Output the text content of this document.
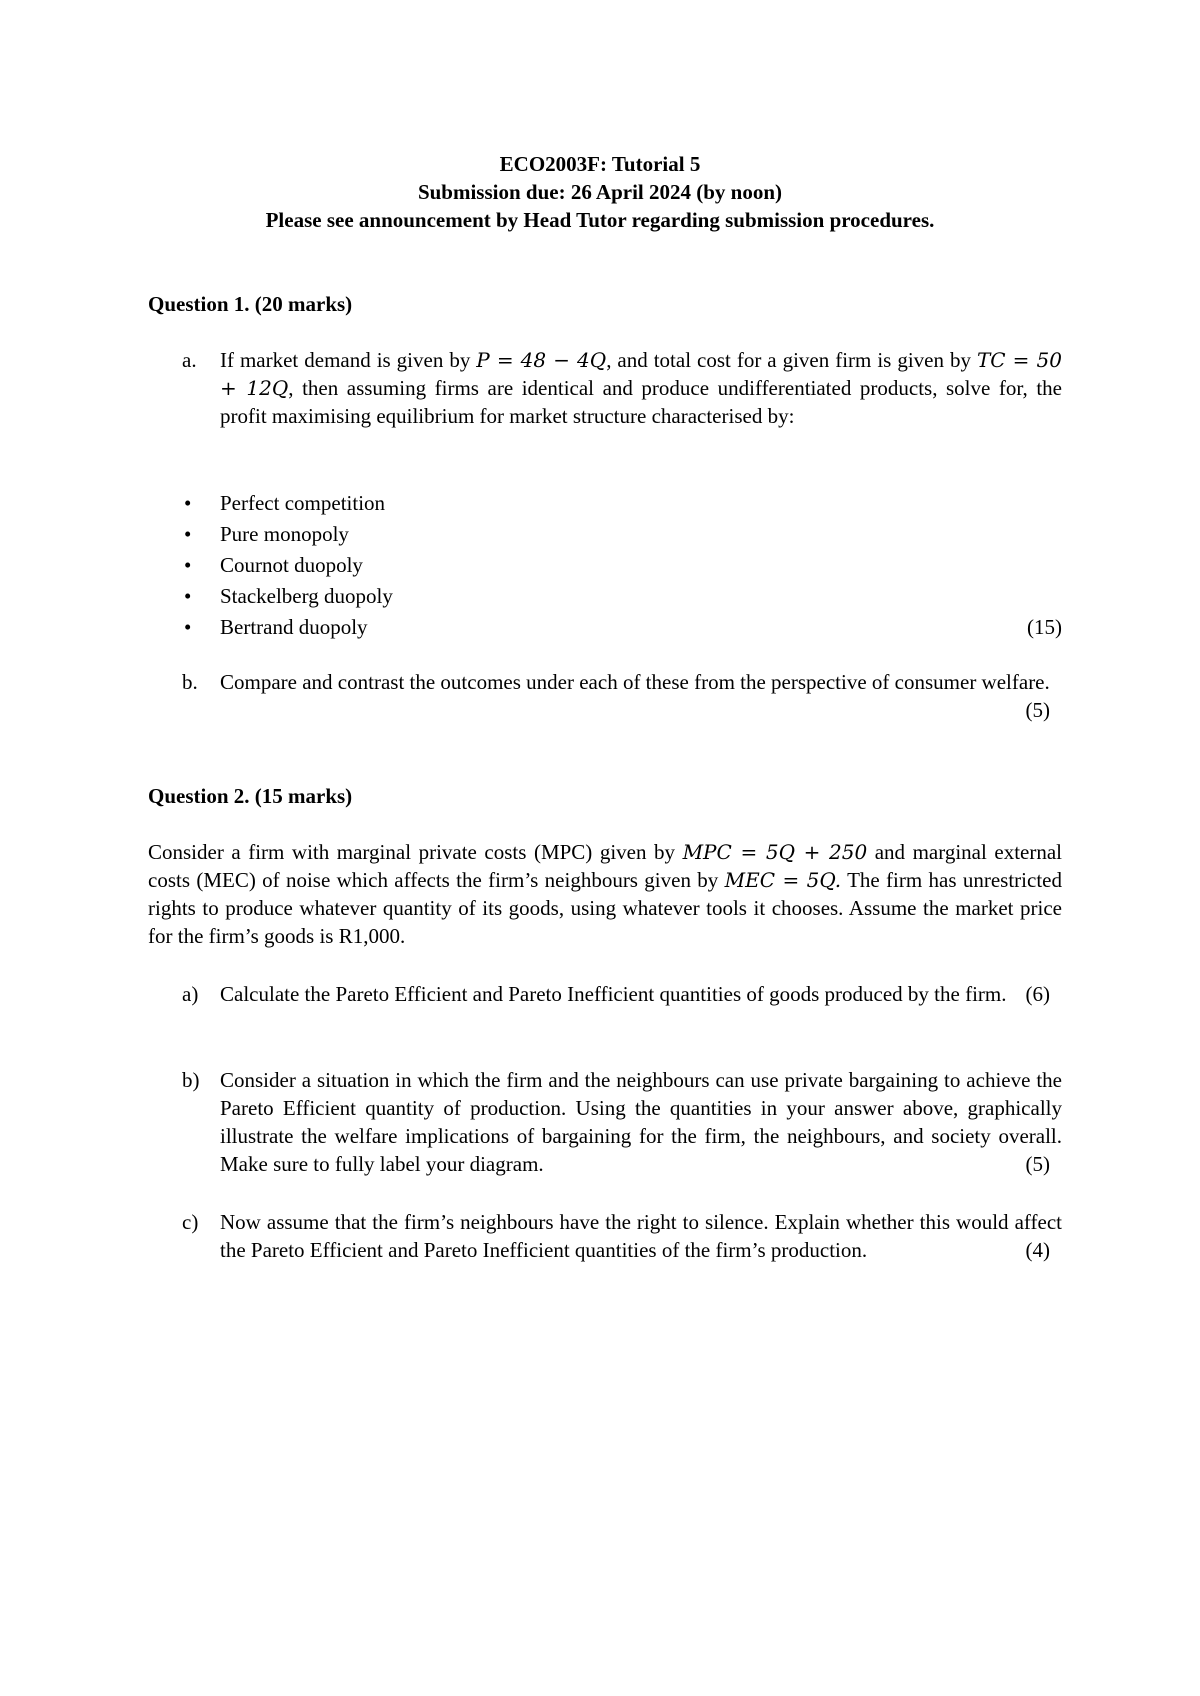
ECO2003F: Tutorial 5
Submission due: 26 April 2024 (by noon)
Please see announcement by Head Tutor regarding submission procedures.
Question 1. (20 marks)
a. If market demand is given by P = 48 − 4Q, and total cost for a given firm is given by TC = 50 + 12Q, then assuming firms are identical and produce undifferentiated products, solve for, the profit maximising equilibrium for market structure characterised by:

• Perfect competition
• Pure monopoly
• Cournot duopoly
• Stackelberg duopoly
• Bertrand duopoly	(15)
b. Compare and contrast the outcomes under each of these from the perspective of consumer welfare.
(5)

Question 2. (15 marks)

Consider a firm with marginal private costs (MPC) given by MPC = 5Q + 250 and marginal external costs (MEC) of noise which affects the firm’s neighbours given by MEC = 5Q. The firm has unrestricted rights to produce whatever quantity of its goods, using whatever tools it chooses. Assume the market price for the firm’s goods is R1,000.

a) Calculate the Pareto Efficient and Pareto Inefficient quantities of goods produced by the firm. (6)

b) Consider a situation in which the firm and the neighbours can use private bargaining to achieve the Pareto Efficient quantity of production. Using the quantities in your answer above, graphically illustrate the welfare implications of bargaining for the firm, the neighbours, and society overall. Make sure to fully label your diagram.	(5)

c) Now assume that the firm’s neighbours have the right to silence. Explain whether this would affect the Pareto Efficient and Pareto Inefficient quantities of the firm’s production.	(4)
